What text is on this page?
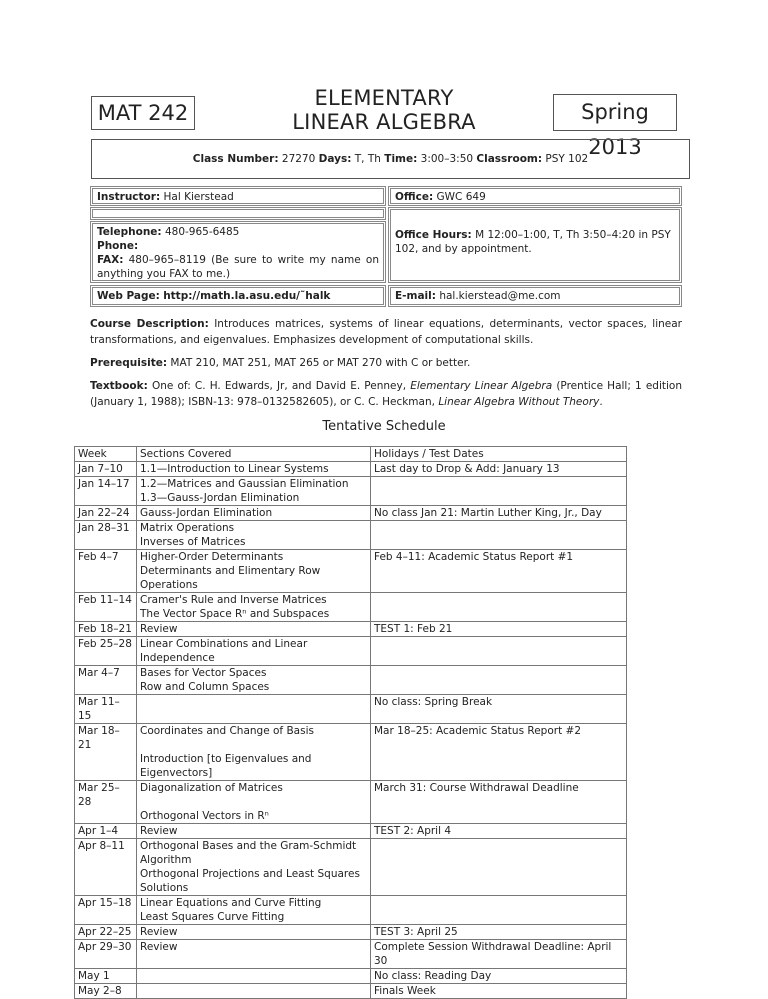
MAT 242
ELEMENTARY
LINEAR ALGEBRA	Spring 2013
Class Number: 27270 Days: T, Th Time: 3:00–3:50 Classroom: PSY 102
Instructor: Hal Kierstead	Office: GWC 649
Telephone: 480-965-6485
Phone:
FAX: 480–965–8119 (Be sure to write my name on anything you FAX to me.)
Office Hours: M 12:00–1:00, T, Th 3:50–4:20 in PSY 102, and by appointment.
Web Page: http://math.la.asu.edu/˜halk	E-mail: hal.kierstead@me.com
Course Description: Introduces matrices, systems of linear equations, determinants, vector spaces, linear transformations, and eigenvalues. Emphasizes development of computational skills.
Prerequisite: MAT 210, MAT 251, MAT 265 or MAT 270 with C or better.
Textbook: One of: C. H. Edwards, Jr, and David E. Penney, Elementary Linear Algebra (Prentice Hall; 1 edition (January 1, 1988); ISBN-13: 978–0132582605), or C. C. Heckman, Linear Algebra Without Theory.
Tentative Schedule
Week	Sections Covered	Holidays / Test Dates
Jan 7–10	1.1—Introduction to Linear Systems	Last day to Drop & Add: January 13
Jan 14–17	1.2—Matrices and Gaussian Elimination	
	1.3—Gauss-Jordan Elimination	
Jan 22–24	Gauss-Jordan Elimination	No class Jan 21: Martin Luther King, Jr., Day
Jan 28–31	Matrix Operations	
	Inverses of Matrices	
Feb 4–7	Higher-Order Determinants	Feb 4–11: Academic Status Report #1
	Determinants and Elimentary Row Operations	
Feb 11–14	Cramer's Rule and Inverse Matrices	
	The Vector Space Rⁿ and Subspaces	
Feb 18–21	Review	TEST 1: Feb 21
Feb 25–28	Linear Combinations and Linear Independence	
Mar 4–7	Bases for Vector Spaces	
	Row and Column Spaces	
Mar 11–15		No class: Spring Break
Mar 18–21	Coordinates and Change of Basis	Mar 18–25: Academic Status Report #2
	Introduction [to Eigenvalues and Eigenvectors]	
Mar 25–28	Diagonalization of Matrices	March 31: Course Withdrawal Deadline
	Orthogonal Vectors in Rⁿ	
Apr 1–4	Review	TEST 2: April 4
Apr 8–11	Orthogonal Bases and the Gram-Schmidt Algorithm	
	Orthogonal Projections and Least Squares Solutions	
Apr 15–18	Linear Equations and Curve Fitting	
	Least Squares Curve Fitting	
Apr 22–25	Review	TEST 3: April 25
Apr 29–30	Review	Complete Session Withdrawal Deadline: April 30
May 1		No class: Reading Day
May 2–8		Finals Week
